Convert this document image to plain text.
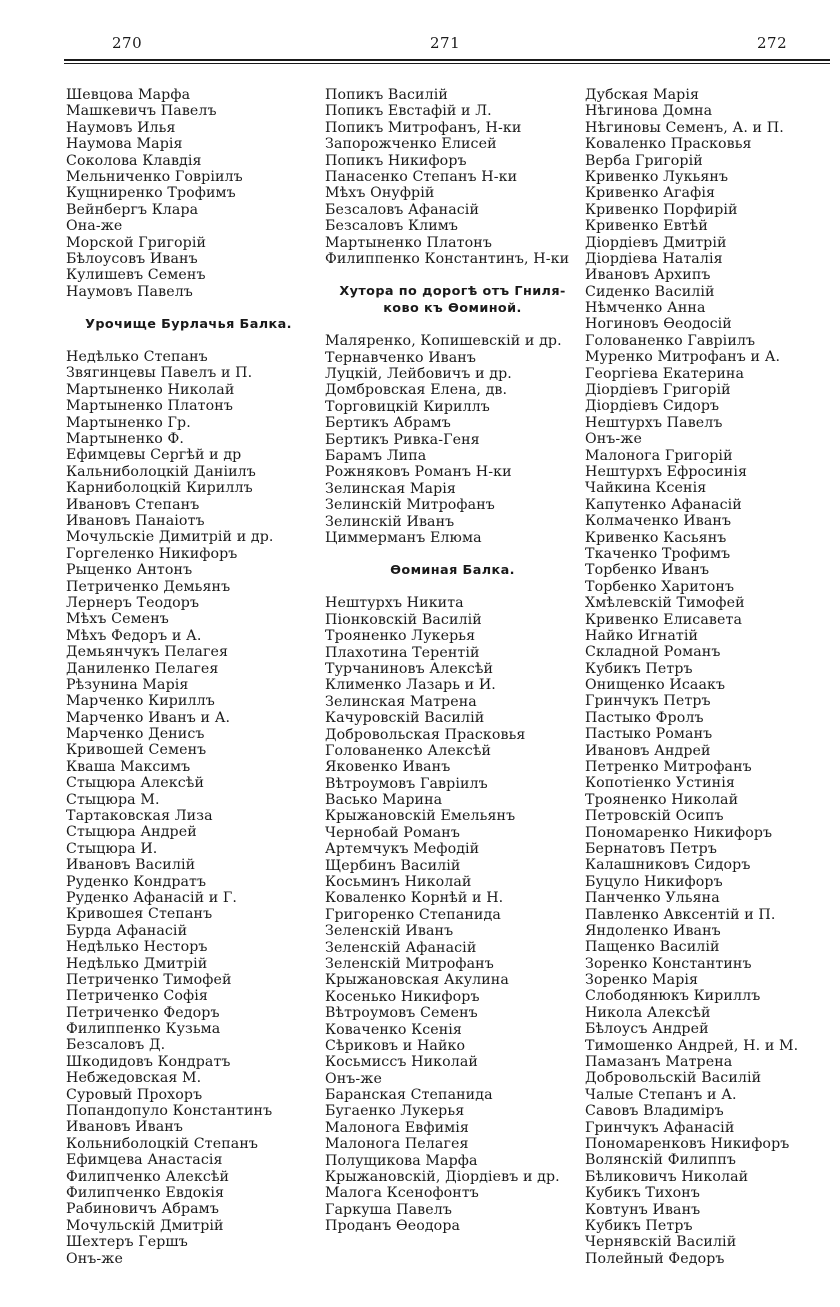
270	271	272
Шевцова Марфа
Машкевичъ Павелъ
Наумовъ Илья
Наумова Марія
Соколова Клавдія
Мельниченко Говріилъ
Кущниренко Трофимъ
Вейнбергъ Клара
Она-же
Морской Григорій
Бѣлоусовъ Иванъ
Кулишевъ Семенъ
Наумовъ Павелъ
Урочище Бурлачья Балка.
Недѣлько Степанъ
Звягинцевы Павелъ и П.
Мартыненко Николай
Мартыненко Платонъ
Мартыненко Гр.
Мартыненко Ф.
Ефимцевы Сергѣй и др
Кальниболоцкій Даніилъ
Карниболоцкій Кириллъ
Ивановъ Степанъ
Ивановъ Панаіотъ
Мочульскіе Димитрій и др.
Горгеленко Никифоръ
Рыценко Антонъ
Петриченко Демьянъ
Лернеръ Теодоръ
Мѣхъ Семенъ
Мѣхъ Федоръ и А.
Демьянчукъ Пелагея
Даниленко Пелагея
Рѣзунина Марія
Марченко Кириллъ
Марченко Иванъ и А.
Марченко Денисъ
Кривошей Семенъ
Кваша Максимъ
Стыцюра Алексѣй
Стыцюра М.
Тартаковская Лиза
Стыцюра Андрей
Стыцюра И.
Ивановъ Василій
Руденко Кондратъ
Руденко Афанасій и Г.
Кривошея Степанъ
Бурда Афанасій
Недѣлько Несторъ
Недѣлько Дмитрій
Петриченко Тимофей
Петриченко Софія
Петриченко Федоръ
Филиппенко Кузьма
Безсаловъ Д.
Шкодидовъ Кондратъ
Небжедовская М.
Суровый Прохоръ
Попандопуло Константинъ
Ивановъ Иванъ
Кольниболоцкій Степанъ
Ефимцева Анастасія
Филипченко Алексѣй
Филипченко Евдокія
Рабиновичъ Абрамъ
Мочульскій Дмитрій
Шехтеръ Гершъ
Онъ-же
Попикъ Василій
Попикъ Евстафій и Л.
Попикъ Митрофанъ, Н-ки
Запорожченко Елисей
Попикъ Никифоръ
Панасенко Степанъ Н-ки
Мѣхъ Онуфрій
Безсаловъ Афанасій
Безсаловъ Климъ
Мартыненко Платонъ
Филиппенко Константинъ, Н-ки
Хутора по дорогѣ отъ Гниля-
ково къ Ѳоминой.
Маляренко, Копишевскій и др.
Тернавченко Иванъ
Луцкій, Лейбовичъ и др.
Домбровская Елена, дв.
Торговицкій Кириллъ
Бертикъ Абрамъ
Бертикъ Ривка-Геня
Барамъ Липа
Рожняковъ Романъ Н-ки
Зелинская Марія
Зелинскій Митрофанъ
Зелинскій Иванъ
Циммерманъ Елюма
Ѳоминая Балка.
Нештурхъ Никита
Піонковскій Василій
Трояненко Лукерья
Плахотина Терентій
Турчаниновъ Алексѣй
Клименко Лазарь и И.
Зелинская Матрена
Качуровскій Василій
Добровольская Прасковья
Голованенко Алексѣй
Яковенко Иванъ
Вѣтроумовъ Гавріилъ
Васько Марина
Крыжановскій Емельянъ
Чернобай Романъ
Артемчукъ Мефодій
Щербинъ Василій
Косьминъ Николай
Коваленко Корнѣй и Н.
Григоренко Степанида
Зеленскій Иванъ
Зеленскій Афанасій
Зеленскій Митрофанъ
Крыжановская Акулина
Косенько Никифоръ
Вѣтроумовъ Семенъ
Коваченко Ксенія
Сѣриковъ и Найко
Косьмиссъ Николай
Онъ-же
Баранская Степанида
Бугаенко Лукерья
Малонога Евфимія
Малонога Пелагея
Полущикова Марфа
Крыжановскій, Діордіевъ и др.
Малога Ксенофонтъ
Гаркуша Павелъ
Проданъ Ѳеодора
Дубская Марія
Нѣгинова Домна
Нѣгиновы Семенъ, А. и П.
Коваленко Прасковья
Верба Григорій
Кривенко Лукьянъ
Кривенко Агафія
Кривенко Порфирій
Кривенко Евтѣй
Діордіевъ Дмитрій
Діордіева Наталія
Ивановъ Архипъ
Сиденко Василій
Нѣмченко Анна
Ногиновъ Ѳеодосій
Голованенко Гавріилъ
Муренко Митрофанъ и А.
Георгіева Екатерина
Діордіевъ Григорій
Діордіевъ Сидоръ
Нештурхъ Павелъ
Онъ-же
Малонога Григорій
Нештурхъ Ефросинія
Чайкина Ксенія
Капутенко Афанасій
Колмаченко Иванъ
Кривенко Касьянъ
Ткаченко Трофимъ
Торбенко Иванъ
Торбенко Харитонъ
Хмѣлевскій Тимофей
Кривенко Елисавета
Найко Игнатій
Складной Романъ
Кубикъ Петръ
Онищенко Исаакъ
Гринчукъ Петръ
Пастыко Фролъ
Пастыко Романъ
Ивановъ Андрей
Петренко Митрофанъ
Копотіенко Устинія
Трояненко Николай
Петровскій Осипъ
Пономаренко Никифоръ
Бернатовъ Петръ
Калашниковъ Сидоръ
Буцуло Никифоръ
Панченко Ульяна
Павленко Авксентій и П.
Яндоленко Иванъ
Пащенко Василій
Зоренко Константинъ
Зоренко Марія
Слободянюкъ Кириллъ
Никола Алексѣй
Бѣлоусъ Андрей
Тимошенко Андрей, Н. и М.
Памазанъ Матрена
Добровольскій Василій
Чалые Степанъ и А.
Савовъ Владиміръ
Гринчукъ Афанасій
Пономаренковъ Никифоръ
Волянскій Филиппъ
Бѣликовичъ Николай
Кубикъ Тихонъ
Ковтунъ Иванъ
Кубикъ Петръ
Чернявскій Василій
Полейный Федоръ
